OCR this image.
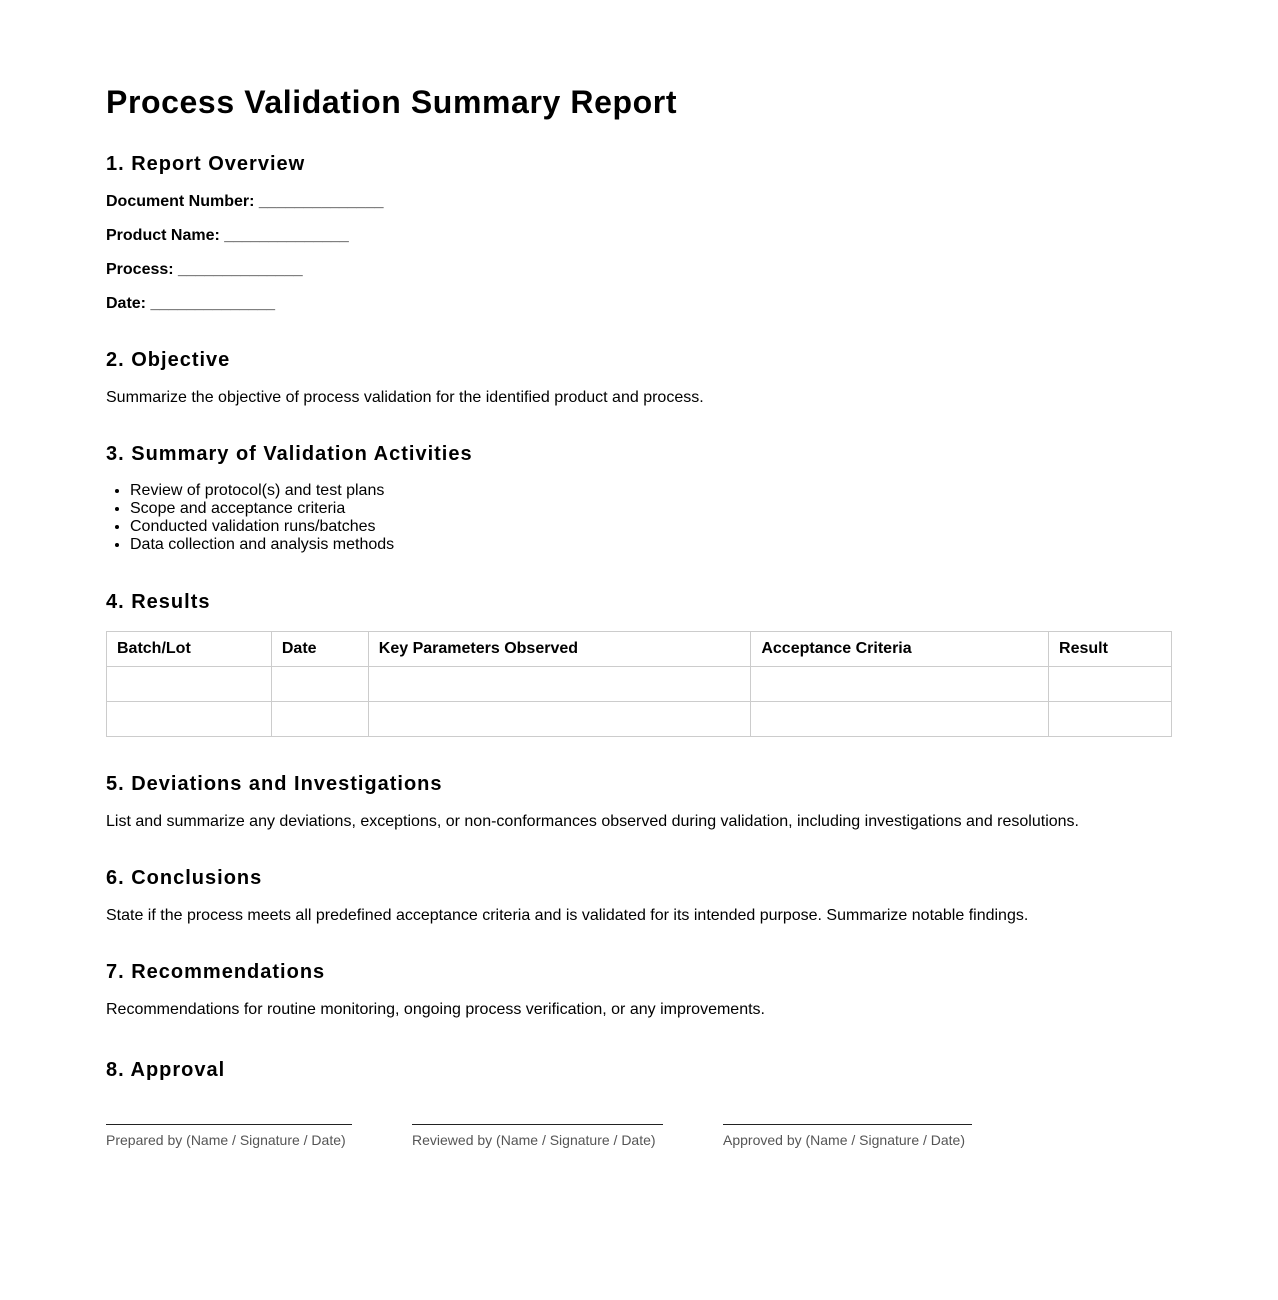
Process Validation Summary Report
1. Report Overview
Document Number: ______________
Product Name: ______________
Process: ______________
Date: ______________
2. Objective
Summarize the objective of process validation for the identified product and process.
3. Summary of Validation Activities
• Review of protocol(s) and test plans
• Scope and acceptance criteria
• Conducted validation runs/batches
• Data collection and analysis methods
4. Results
Batch/Lot	Date	Key Parameters Observed	Acceptance Criteria	Result

5. Deviations and Investigations
List and summarize any deviations, exceptions, or non-conformances observed during validation, including investigations and resolutions.
6. Conclusions
State if the process meets all predefined acceptance criteria and is validated for its intended purpose. Summarize notable findings.
7. Recommendations
Recommendations for routine monitoring, ongoing process verification, or any improvements.
8. Approval
Prepared by (Name / Signature / Date)	Reviewed by (Name / Signature / Date)	Approved by (Name / Signature / Date)
